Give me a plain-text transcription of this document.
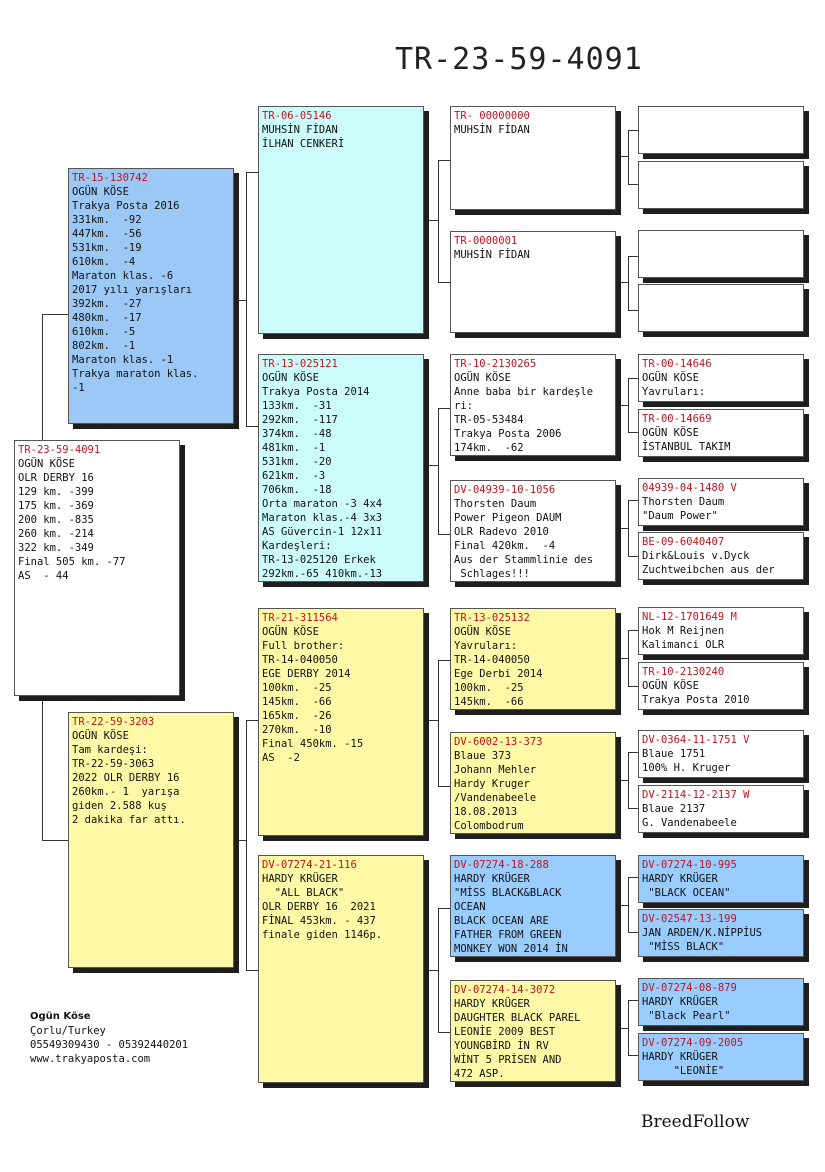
TR-23-59-4091
TR-23-59-4091
OGÜN KÖSE
OLR DERBY 16
129 km. -399
175 km. -369
200 km. -835
260 km. -214
322 km. -349
Final 505 km. -77
AS  - 44
TR-15-130742
OGÜN KÖSE
Trakya Posta 2016
331km.  -92
447km.  -56
531km.  -19
610km.  -4
Maraton klas. -6
2017 yılı yarışları
392km.  -27
480km.  -17
610km.  -5
802km.  -1
Maraton klas. -1
Trakya maraton klas.
-1
TR-22-59-3203
OGÜN KÖSE
Tam kardeşi:
TR-22-59-3063
2022 OLR DERBY 16
260km.- 1  yarışa
giden 2.588 kuş
2 dakika far attı.
TR-06-05146
MUHSİN FİDAN
İLHAN CENKERİ
TR-13-025121
OGÜN KÖSE
Trakya Posta 2014
133km.  -31
292km.  -117
374km.  -48
481km.  -1
531km.  -20
621km.  -3
706km.  -18
Orta maraton -3 4x4
Maraton klas.-4 3x3
AS Güvercin-1 12x11
Kardeşleri:
TR-13-025120 Erkek
292km.-65 410km.-13
TR-21-311564
OGÜN KÖSE
Full brother:
TR-14-040050
EGE DERBY 2014
100km.  -25
145km.  -66
165km.  -26
270km.  -10
Final 450km. -15
AS  -2
DV-07274-21-116
HARDY KRÜGER
"ALL BLACK"
OLR DERBY 16  2021
FİNAL 453km. - 437
finale giden 1146p.
TR- 00000000
MUHSİN FİDAN
TR-0000001
MUHSİN FİDAN
TR-10-2130265
OGÜN KÖSE
Anne baba bir kardeşle
ri:
TR-05-53484
Trakya Posta 2006
174km.  -62
DV-04939-10-1056
Thorsten Daum
Power Pigeon DAUM
OLR Radevo 2010
Final 420km.  -4
Aus der Stammlinie des
Schlages!!!
TR-13-025132
OGÜN KÖSE
Yavruları:
TR-14-040050
Ege Derbi 2014
100km.  -25
145km.  -66
DV-6002-13-373
Blaue 373
Johann Mehler
Hardy Kruger
/Vandenabeele
18.08.2013
Colombodrum
DV-07274-18-288
HARDY KRÜGER
"MİSS BLACK&BLACK
OCEAN
BLACK OCEAN ARE
FATHER FROM GREEN
MONKEY WON 2014 İN
DV-07274-14-3072
HARDY KRÜGER
DAUGHTER BLACK PAREL
LEONİE 2009 BEST
YOUNGBİRD İN RV
WİNT 5 PRİSEN AND
472 ASP.
TR-00-14646
OGÜN KÖSE
Yavruları:
TR-00-14669
OGÜN KÖSE
İSTANBUL TAKIM
04939-04-1480 V
Thorsten Daum
"Daum Power"
BE-09-6040407
Dirk&Louis v.Dyck
Zuchtweibchen aus der
NL-12-1701649 M
Hok M Reijnen
Kalimanci OLR
TR-10-2130240
OGÜN KÖSE
Trakya Posta 2010
DV-0364-11-1751 V
Blaue 1751
100% H. Kruger
DV-2114-12-2137 W
Blaue 2137
G. Vandenabeele
DV-07274-10-995
HARDY KRÜGER
"BLACK OCEAN"
DV-02547-13-199
JAN ARDEN/K.NİPPİUS
"MİSS BLACK"
DV-07274-08-879
HARDY KRÜGER
"Black Pearl"
DV-07274-09-2005
HARDY KRÜGER
"LEONİE"
Ogün Köse
Çorlu/Turkey
05549309430 - 05392440201
www.trakyaposta.com
BreedFollow
